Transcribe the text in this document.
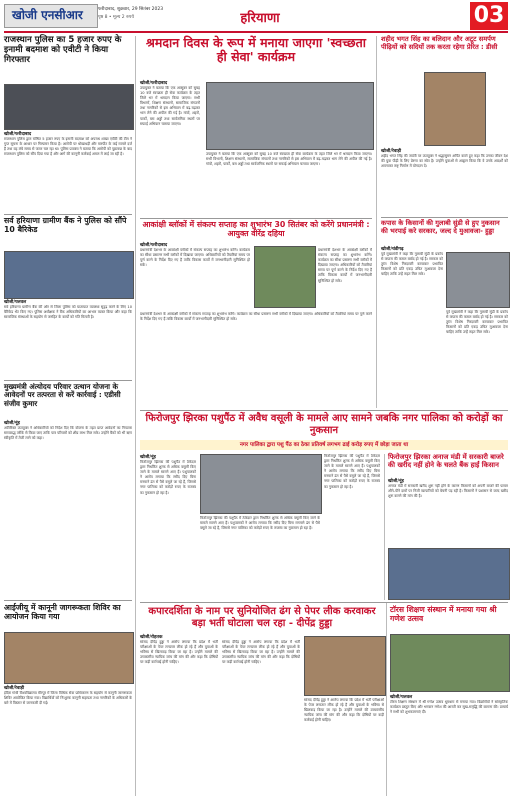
खोजी एनसीआर	फरीदाबाद, शुक्रवार, 29 सितंबर 2023
पृष्ठ 8 • मूल्य 2 रुपये	हरियाणा	03
राजस्थान पुलिस का 5 हजार रुपए के इनामी बदमाश को एवीटी ने किया गिरफ्तार
खोजी/फरीदाबाद
राजस्थान पुलिस द्वारा घोषित 5 हजार रुपए के इनामी बदमाश को अपराध शाखा एवीटी की टीम ने गुप्त सूचना के आधार पर गिरफ्तार किया है। आरोपी पर धोखाधड़ी और मारपीट के कई मामले दर्ज हैं तथा वह लंबे समय से फरार चल रहा था। पुलिस प्रवक्ता ने बताया कि आरोपी को पूछताछ के बाद राजस्थान पुलिस को सौंप दिया गया है और आगे की कानूनी कार्रवाई अमल में लाई जा रही है।
सर्व हरियाणा ग्रामीण बैंक ने पुलिस को सौंपे 10 बैरिकेड
खोजी/पलवल
सर्व हरियाणा ग्रामीण बैंक की ओर से जिला पुलिस को यातायात व्यवस्था सुदृढ़ करने के लिए 10 बैरिकेड भेंट किए गए। पुलिस अधीक्षक ने बैंक अधिकारियों का आभार व्यक्त किया और कहा कि सामाजिक संस्थाओं के सहयोग से जनहित के कार्यों को गति मिलती है।
मुख्यमंत्री अंत्योदय परिवार उत्थान योजना के आवेदनों पर तत्परता से करें कार्रवाई : एडीसी संजीव कुमार
खोजी/नूंह
अतिरिक्त उपायुक्त ने अधिकारियों को निर्देश दिए कि योजना के तहत प्राप्त आवेदनों का निपटारा समयबद्ध तरीके से किया जाए ताकि पात्र परिवारों को शीघ्र लाभ मिल सके। उन्होंने बैंकों को भी ऋण स्वीकृति में तेजी लाने को कहा।
आईजीयू में कानूनी जागरूकता शिविर का आयोजन किया गया
खोजी/रेवाड़ी
इंदिरा गांधी विश्वविद्यालय मीरपुर में जिला विधिक सेवा प्राधिकरण के सहयोग से कानूनी जागरूकता शिविर आयोजित किया गया। विद्यार्थियों को निःशुल्क कानूनी सहायता तथा नागरिकों के अधिकारों के बारे में विस्तार से जानकारी दी गई।
श्रमदान दिवस के रूप में मनाया जाएगा 'स्वच्छता ही सेवा' कार्यक्रम
खोजी/फरीदाबाद
उपायुक्त ने बताया कि एक अक्टूबर को सुबह 10 बजे स्वच्छता ही सेवा कार्यक्रम के तहत जिले भर में श्रमदान किया जाएगा। सभी विभागों, शिक्षण संस्थानों, सामाजिक संगठनों तथा नागरिकों से इस अभियान में बढ़-चढ़कर भाग लेने की अपील की गई है। गांवों, शहरों, पार्कों, बस अड्डों तथा सार्वजनिक स्थलों पर सफाई अभियान चलाया जाएगा।
उपायुक्त ने बताया कि एक अक्टूबर को सुबह 10 बजे स्वच्छता ही सेवा कार्यक्रम के तहत जिले भर में श्रमदान किया जाएगा। सभी विभागों, शिक्षण संस्थानों, सामाजिक संगठनों तथा नागरिकों से इस अभियान में बढ़-चढ़कर भाग लेने की अपील की गई है। गांवों, शहरों, पार्कों, बस अड्डों तथा सार्वजनिक स्थलों पर सफाई अभियान चलाया जाएगा।
आकांक्षी ब्लॉकों में संकल्प सप्ताह का शुभारंभ 30 सितंबर को करेंगे प्रधानमंत्री : आयुक्त वीरेंद्र दहिया
खोजी/फरीदाबाद
प्रधानमंत्री देशभर के आकांक्षी ब्लॉकों में संकल्प सप्ताह का शुभारंभ करेंगे। कार्यक्रम का सीधा प्रसारण सभी ब्लॉकों में दिखाया जाएगा। अधिकारियों को तैयारियां समय पर पूर्ण करने के निर्देश दिए गए हैं ताकि विकास कार्यों में जनभागीदारी सुनिश्चित हो सके।
प्रधानमंत्री देशभर के आकांक्षी ब्लॉकों में संकल्प सप्ताह का शुभारंभ करेंगे। कार्यक्रम का सीधा प्रसारण सभी ब्लॉकों में दिखाया जाएगा। अधिकारियों को तैयारियां समय पर पूर्ण करने के निर्देश दिए गए हैं ताकि विकास कार्यों में जनभागीदारी सुनिश्चित हो सके।
प्रधानमंत्री देशभर के आकांक्षी ब्लॉकों में संकल्प सप्ताह का शुभारंभ करेंगे। कार्यक्रम का सीधा प्रसारण सभी ब्लॉकों में दिखाया जाएगा। अधिकारियों को तैयारियां समय पर पूर्ण करने के निर्देश दिए गए हैं ताकि विकास कार्यों में जनभागीदारी सुनिश्चित हो सके।
फिरोजपुर झिरका पशुपैंठ में अवैध वसूली के मामले आए सामने जबकि नगर पालिका को करोड़ों का नुकसान
नगर पालिका द्वारा पशु पैंठ का ठेका प्रतिवर्ष लगभग ढाई करोड़ रुपए में छोड़ा जाता था
खोजी/नूंह
फिरोजपुर झिरका की पशुपैंठ में ठेकेदार द्वारा निर्धारित शुल्क से अधिक वसूली किए जाने के मामले सामने आए हैं। पशुपालकों ने आरोप लगाया कि रसीद दिए बिना मनमाने ढंग से पैसे वसूले जा रहे हैं, जिससे नगर पालिका को करोड़ों रुपए के राजस्व का नुकसान हो रहा है।
फिरोजपुर झिरका की पशुपैंठ में ठेकेदार द्वारा निर्धारित शुल्क से अधिक वसूली किए जाने के मामले सामने आए हैं। पशुपालकों ने आरोप लगाया कि रसीद दिए बिना मनमाने ढंग से पैसे वसूले जा रहे हैं, जिससे नगर पालिका को करोड़ों रुपए के राजस्व का नुकसान हो रहा है।
फिरोजपुर झिरका की पशुपैंठ में ठेकेदार द्वारा निर्धारित शुल्क से अधिक वसूली किए जाने के मामले सामने आए हैं। पशुपालकों ने आरोप लगाया कि रसीद दिए बिना मनमाने ढंग से पैसे वसूले जा रहे हैं, जिससे नगर पालिका को करोड़ों रुपए के राजस्व का नुकसान हो रहा है।
कपारदर्शिता के नाम पर सुनियोजित ढंग से पेपर लीक करवाकर बड़ा भर्ती घोटाला चल रहा - दीपेंद्र हुड्डा
खोजी/रोहतक
सांसद दीपेंद्र हुड्डा ने आरोप लगाया कि प्रदेश में भर्ती परीक्षाओं के पेपर लगातार लीक हो रहे हैं और युवाओं के भविष्य से खिलवाड़ किया जा रहा है। उन्होंने मामले की उच्चस्तरीय न्यायिक जांच की मांग की और कहा कि दोषियों पर कड़ी कार्रवाई होनी चाहिए।
सांसद दीपेंद्र हुड्डा ने आरोप लगाया कि प्रदेश में भर्ती परीक्षाओं के पेपर लगातार लीक हो रहे हैं और युवाओं के भविष्य से खिलवाड़ किया जा रहा है। उन्होंने मामले की उच्चस्तरीय न्यायिक जांच की मांग की और कहा कि दोषियों पर कड़ी कार्रवाई होनी चाहिए।
सांसद दीपेंद्र हुड्डा ने आरोप लगाया कि प्रदेश में भर्ती परीक्षाओं के पेपर लगातार लीक हो रहे हैं और युवाओं के भविष्य से खिलवाड़ किया जा रहा है। उन्होंने मामले की उच्चस्तरीय न्यायिक जांच की मांग की और कहा कि दोषियों पर कड़ी कार्रवाई होनी चाहिए।
शहीद भगत सिंह का बलिदान और अटूट समर्पण पीढ़ियों को सदियों तक करता रहेगा प्रेरित : डीसी
खोजी/रेवाड़ी
शहीद भगत सिंह की जयंती पर उपायुक्त ने श्रद्धासुमन अर्पित करते हुए कहा कि उनका जीवन देश की युवा पीढ़ी के लिए प्रेरणा का स्रोत है। उन्होंने युवाओं से आह्वान किया कि वे उनके आदर्शों को अपनाकर राष्ट्र निर्माण में योगदान दें।
कपास के किसानों की गुलाबी सुंडी से हुए नुकसान की भरपाई करे सरकार, जल्द दे मुआवजा- हुड्डा
खोजी/चंडीगढ़
पूर्व मुख्यमंत्री ने कहा कि गुलाबी सुंडी के प्रकोप से कपास की फसल बर्बाद हो गई है। सरकार को तुरंत विशेष गिरदावरी करवाकर प्रभावित किसानों को प्रति एकड़ उचित मुआवजा देना चाहिए ताकि उन्हें राहत मिल सके।
पूर्व मुख्यमंत्री ने कहा कि गुलाबी सुंडी के प्रकोप से कपास की फसल बर्बाद हो गई है। सरकार को तुरंत विशेष गिरदावरी करवाकर प्रभावित किसानों को प्रति एकड़ उचित मुआवजा देना चाहिए ताकि उन्हें राहत मिल सके।
टॉरस शिक्षण संस्थान में मनाया गया श्री गणेश उत्सव
खोजी/पलवल
टॉरस शिक्षण संस्थान में श्री गणेश उत्सव धूमधाम से मनाया गया। विद्यार्थियों ने सांस्कृतिक कार्यक्रम प्रस्तुत किए और भगवान गणेश की आरती कर सुख-समृद्धि की कामना की। प्राचार्य ने सभी को शुभकामनाएं दीं।
फिरोजपुर झिरका अनाज मंडी में सरकारी बाजरे की खरीद नहीं होने के चलते बैंक हाईं किसान
खोजी/नूंह
अनाज मंडी में सरकारी खरीद शुरू नहीं होने के कारण किसानों को अपनी बाजरे की फसल औने-पौने दामों पर निजी व्यापारियों को बेचनी पड़ रही है। किसानों ने प्रशासन से जल्द खरीद शुरू कराने की मांग की है।
